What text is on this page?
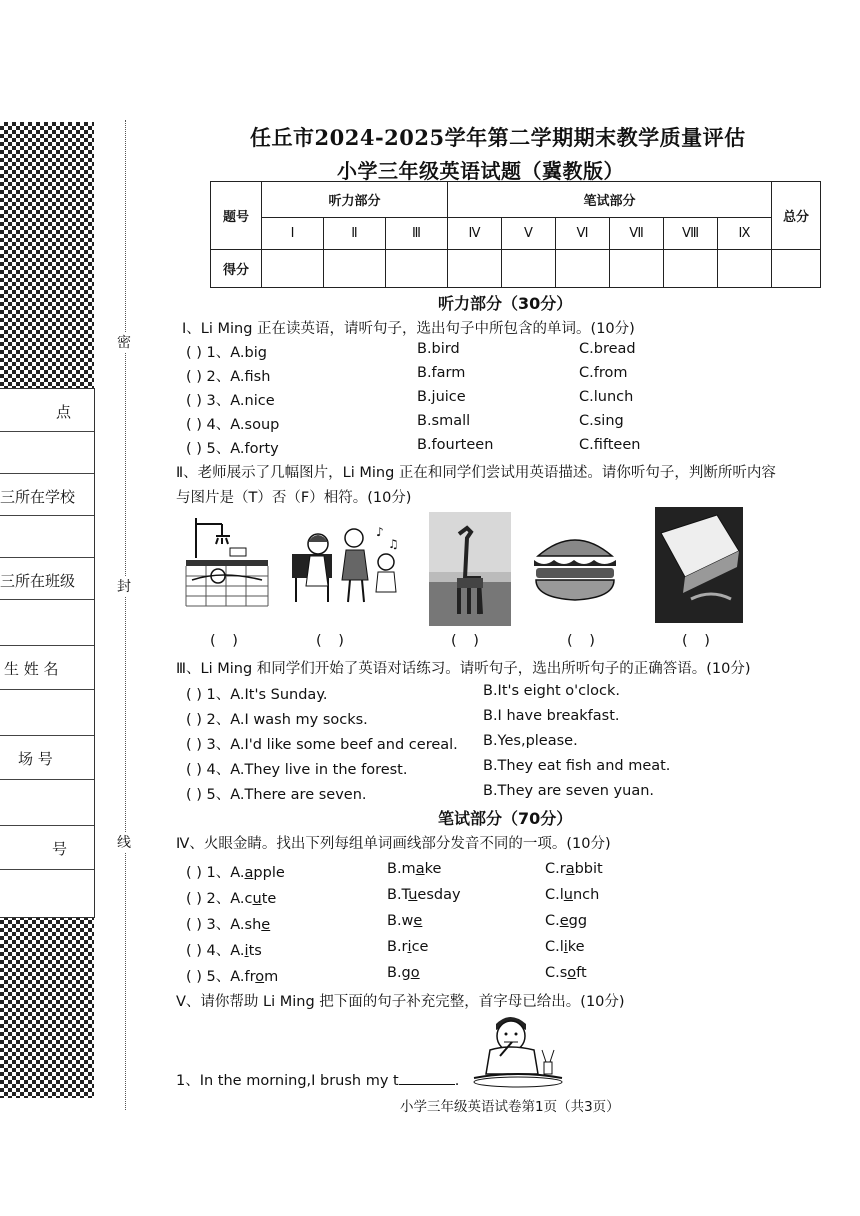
点
三所在学校
三所在班级
生 姓 名
场 号
号
密
封
线
任丘市2024-2025学年第二学期期末教学质量评估
小学三年级英语试题（冀教版）
题号	听力部分			笔试部分						总分
	Ⅰ	Ⅱ	Ⅲ	Ⅳ	Ⅴ	Ⅵ	Ⅶ	Ⅷ	Ⅸ	
得分										
听力部分（30分）
Ⅰ、Li Ming 正在读英语，请听句子，选出句子中所包含的单词。(10分)
( ) 1、A.big	B.bird	C.bread
( ) 2、A.fish	B.farm	C.from
( ) 3、A.nice	B.juice	C.lunch
( ) 4、A.soup	B.small	C.sing
( ) 5、A.forty	B.fourteen	C.fifteen
Ⅱ、老师展示了几幅图片，Li Ming 正在和同学们尝试用英语描述。请你听句子，判断所听内容
与图片是（T）否（F）相符。(10分)
♪
♫
( )	( )	( )	( )	( )
Ⅲ、Li Ming 和同学们开始了英语对话练习。请听句子，选出所听句子的正确答语。(10分)
( ) 1、A.It's Sunday.	B.It's eight o'clock.
( ) 2、A.I wash my socks.	B.I have breakfast.
( ) 3、A.I'd like some beef and cereal. B.Yes,please.
( ) 4、A.They live in the forest.	B.They eat fish and meat.
( ) 5、A.There are seven.	B.They are seven yuan.
笔试部分（70分）
Ⅳ、火眼金睛。找出下列每组单词画线部分发音不同的一项。(10分)
( ) 1、A.apple	B.make	C.rabbit
( ) 2、A.cute	B.Tuesday	C.lunch
( ) 3、A.she	B.we	C.egg
( ) 4、A.its	B.rice	C.like
( ) 5、A.from	B.go	C.soft
Ⅴ、请你帮助 Li Ming 把下面的句子补充完整，首字母已给出。(10分)
1、In the morning,I brush my t	.
小学三年级英语试卷第1页（共3页）
